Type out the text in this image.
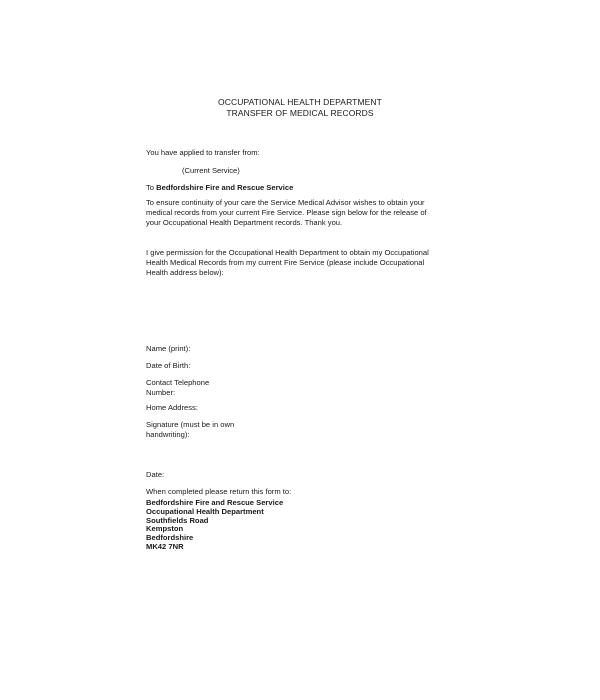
OCCUPATIONAL HEALTH DEPARTMENT
TRANSFER OF MEDICAL RECORDS
You have applied to transfer from:
(Current Service)
To Bedfordshire Fire and Rescue Service
To ensure continuity of your care the Service Medical Advisor wishes to obtain your
medical records from your current Fire Service. Please sign below for the release of
your Occupational Health Department records. Thank you.
I give permission for the Occupational Health Department to obtain my Occupational
Health Medical Records from my current Fire Service (please include Occupational
Health address below):
Name (print):
Date of Birth:
Contact Telephone
Number:
Home Address:
Signature (must be in own
handwriting):
Date:
When completed please return this form to:
Bedfordshire Fire and Rescue Service
Occupational Health Department
Southfields Road
Kempston
Bedfordshire
MK42 7NR
